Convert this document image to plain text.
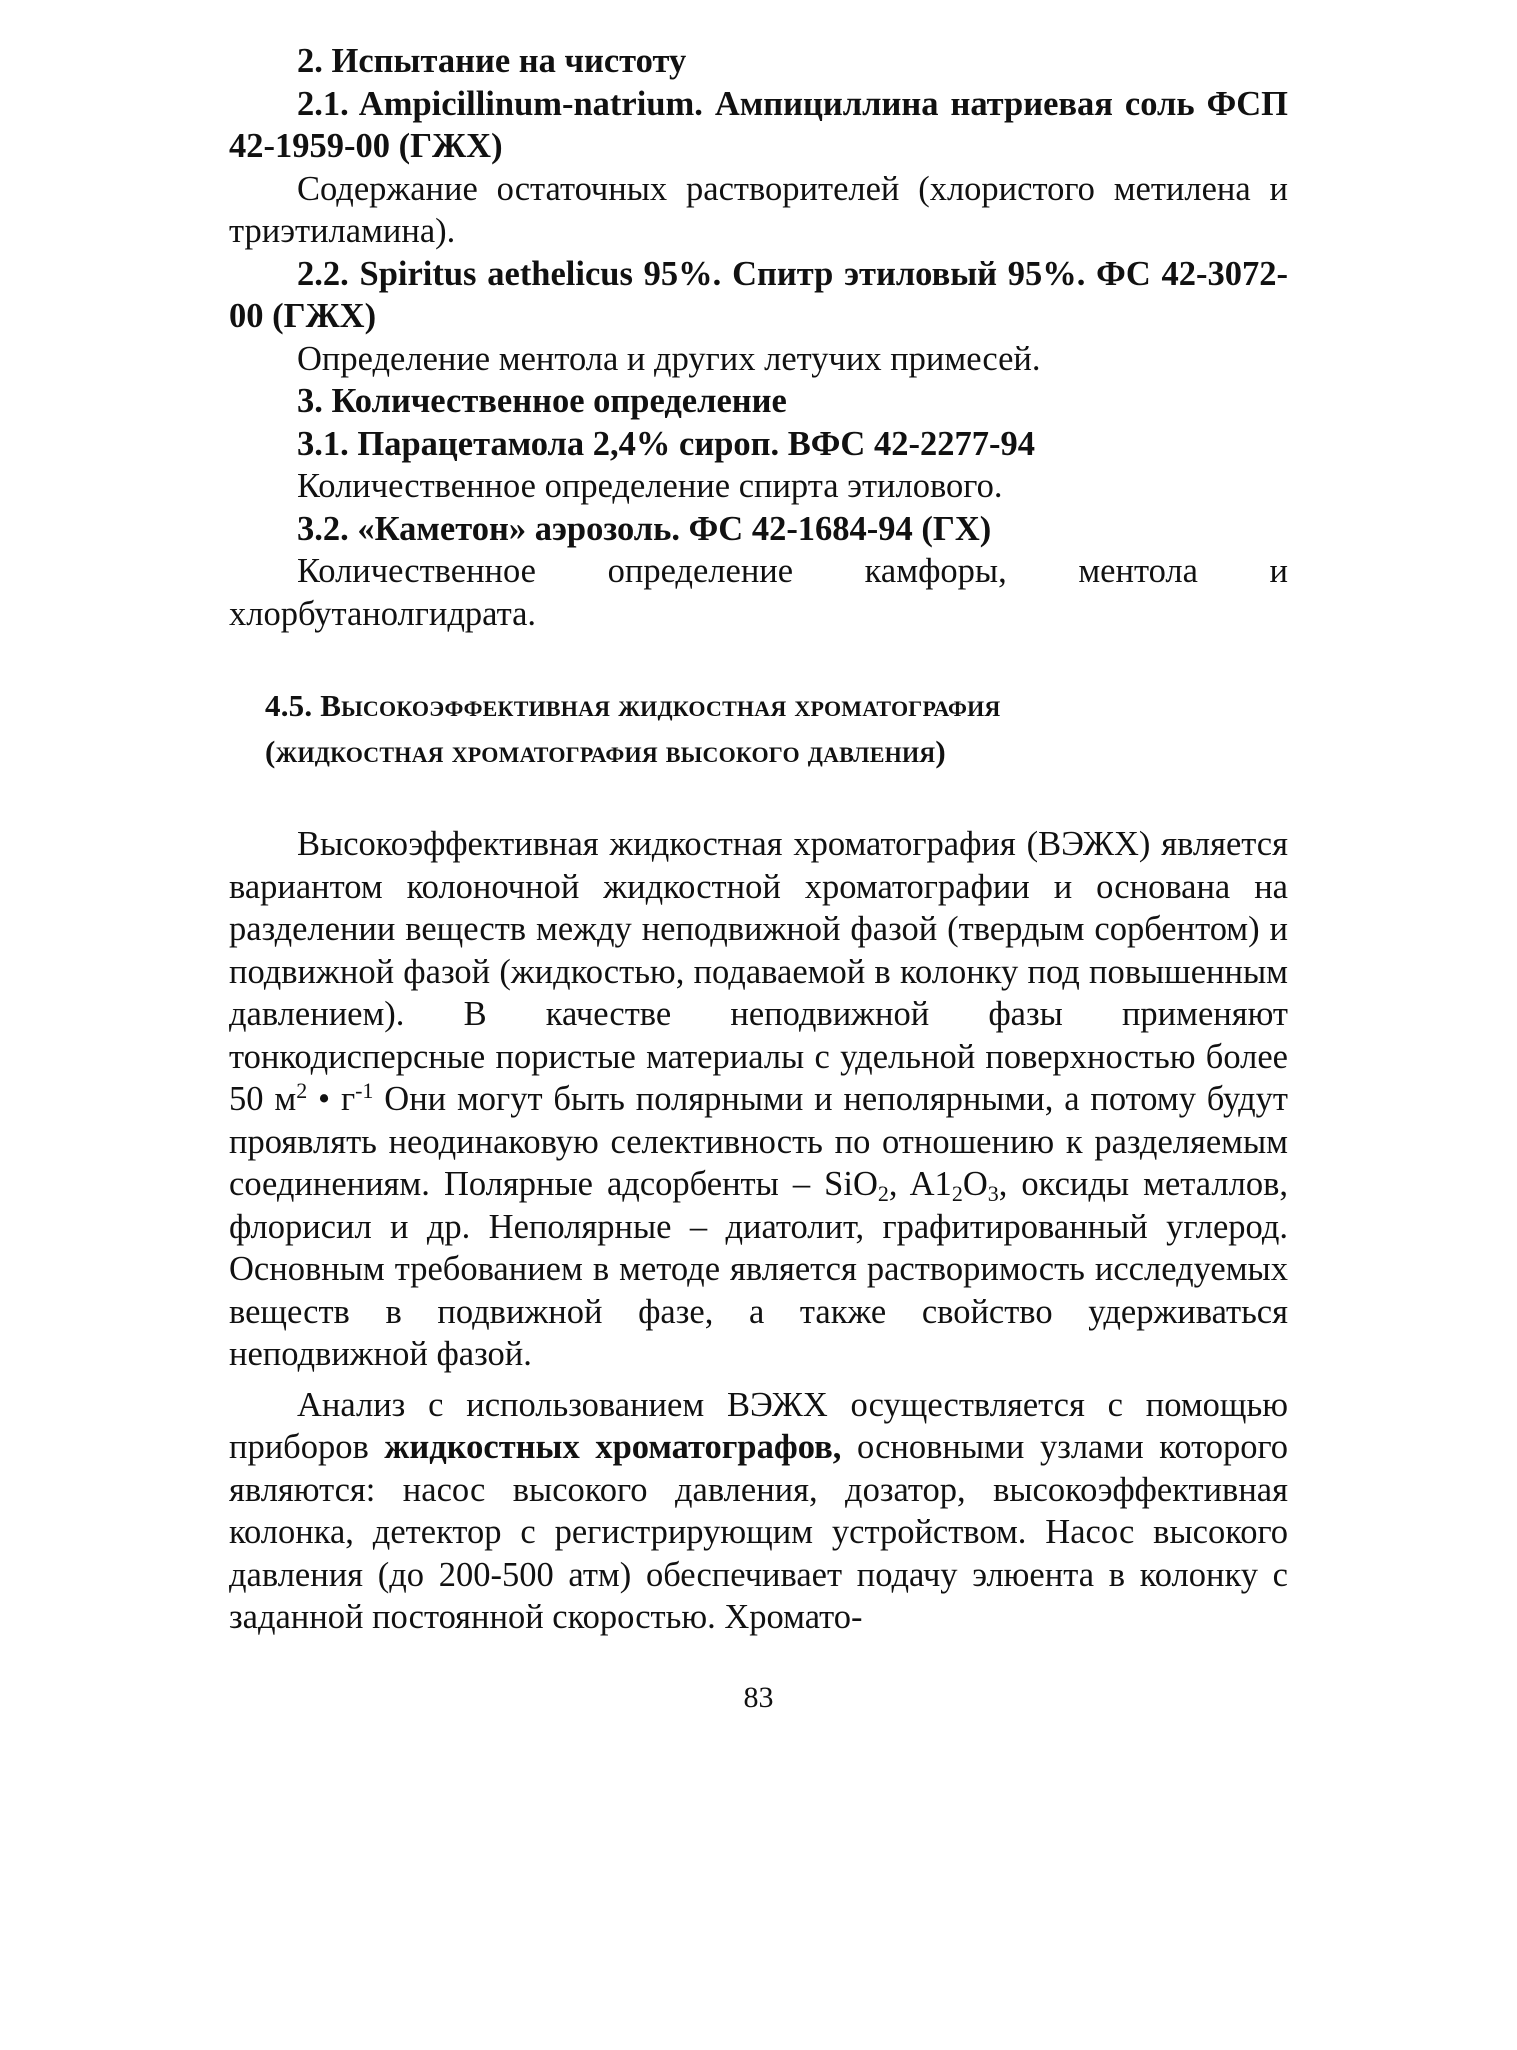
2. Испытание на чистоту

2.1. Ampicillinum-natrium. Ампициллина натриевая соль ФСП 42-1959-00 (ГЖХ)

Содержание остаточных растворителей (хлористого метилена и триэтиламина).

2.2. Spiritus aethelicus 95%. Спитр этиловый 95%. ФС 42-3072-00 (ГЖХ)

Определение ментола и других летучих примесей.

3. Количественное определение

3.1. Парацетамола 2,4% сироп. ВФС 42-2277-94

Количественное определение спирта этилового.

3.2. «Каметон» аэрозоль. ФС 42-1684-94 (ГХ)

Количественное определение камфоры, ментола и хлорбутанолгидрата.

4.5. Высокоэффективная жидкостная хроматография
(жидкостная хроматография высокого давления)

Высокоэффективная жидкостная хроматография (ВЭЖХ) является вариантом колоночной жидкостной хроматографии и основана на разделении веществ между неподвижной фазой (твердым сорбентом) и подвижной фазой (жидкостью, подаваемой в колонку под повышенным давлением). В качестве неподвижной фазы применяют тонкодисперсные пористые материалы с удельной поверхностью более 50 $м^2$ • $г^{-1}$ Они могут быть полярными и неполярными, а потому будут проявлять неодинаковую селективность по отношению к разделяемым соединениям. Полярные адсорбенты – SiO$_2$, $A1_2O_3$, оксиды металлов, флорисил и др. Неполярные – диатолит, графитированный углерод. Основным требованием в методе является растворимость исследуемых веществ в подвижной фазе, а также свойство удерживаться неподвижной фазой.

Анализ с использованием ВЭЖХ осуществляется с помощью приборов жидкостных хроматографов, основными узлами которого являются: насос высокого давления, дозатор, высокоэффективная колонка, детектор с регистрирующим устройством. Насос высокого давления (до 200-500 атм) обеспечивает подачу элюента в колонку с заданной постоянной скоростью. Хромато-

83
